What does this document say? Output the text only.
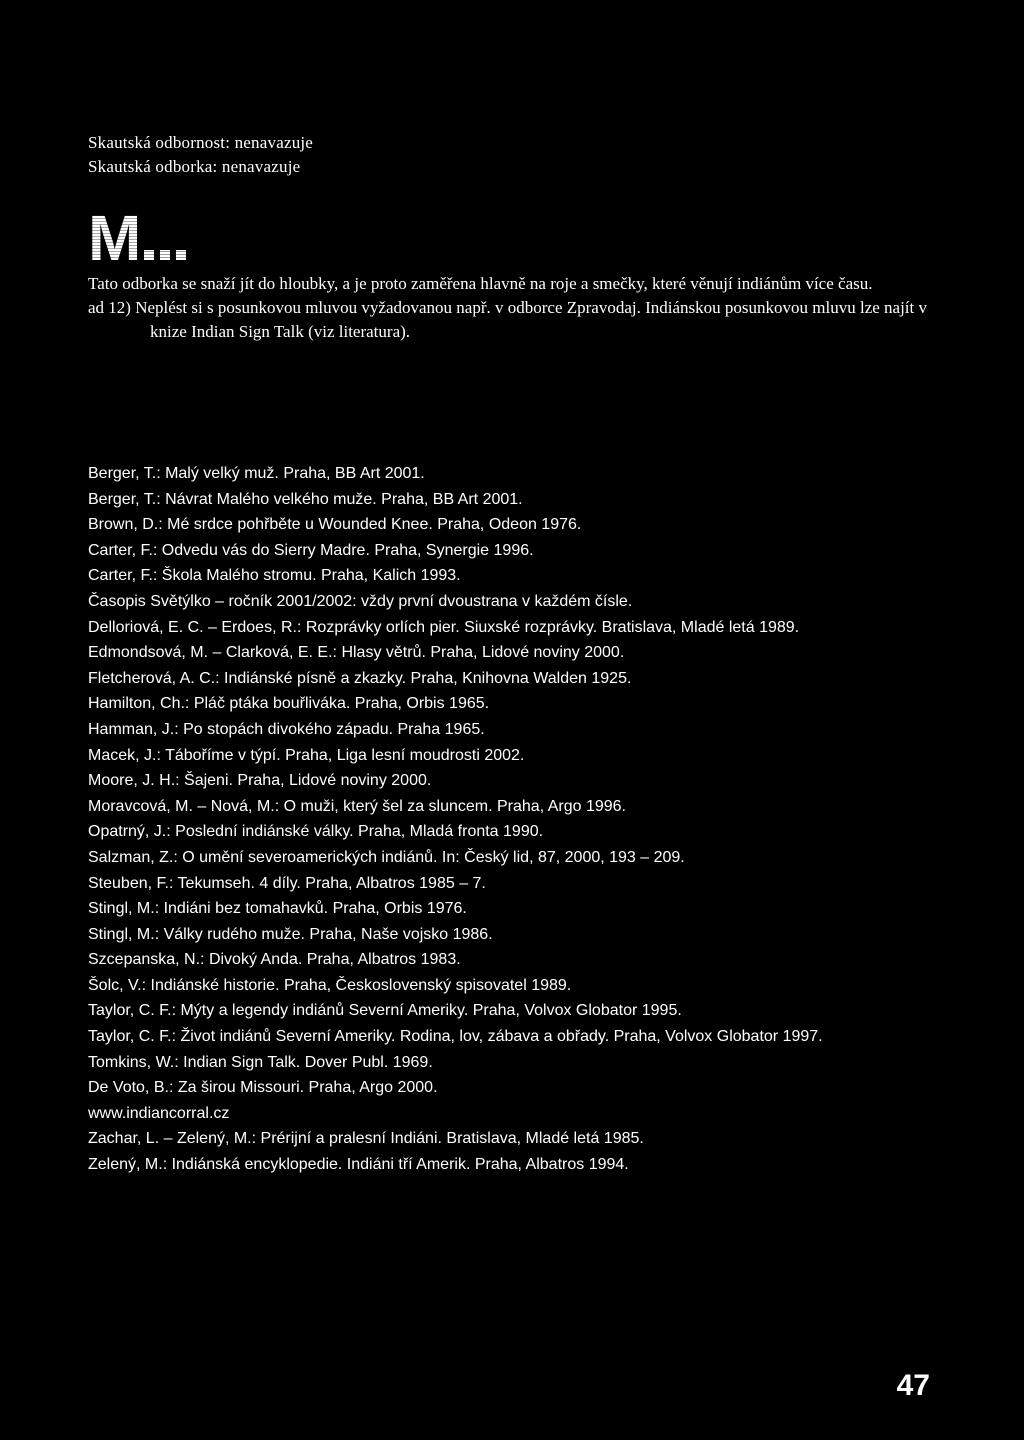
Skautská odbornost: nenavazuje
Skautská odborka: nenavazuje
M

Tato odborka se snaží jít do hloubky, a je proto zaměřena hlavně na roje a smečky, které věnují indiánům více času.

ad 12) Neplést si s posunkovou mluvou vyžadovanou např. v odborce Zpravodaj. Indiánskou posunkovou mluvu lze najít v knize Indian Sign Talk (viz literatura).

Berger, T.: Malý velký muž. Praha, BB Art 2001.

Berger, T.: Návrat Malého velkého muže. Praha, BB Art 2001.

Brown, D.: Mé srdce pohřběte u Wounded Knee. Praha, Odeon 1976.

Carter, F.: Odvedu vás do Sierry Madre. Praha, Synergie 1996.

Carter, F.: Škola Malého stromu. Praha, Kalich 1993.

Časopis Světýlko – ročník 2001/2002: vždy první dvoustrana v každém čísle.

Delloriová, E. C. – Erdoes, R.: Rozprávky orlích pier. Siuxské rozprávky. Bratislava, Mladé letá 1989.

Edmondsová, M. – Clarková, E. E.: Hlasy větrů. Praha, Lidové noviny 2000.

Fletcherová, A. C.: Indiánské písně a zkazky. Praha, Knihovna Walden 1925.

Hamilton, Ch.: Pláč ptáka bouřliváka. Praha, Orbis 1965.

Hamman, J.: Po stopách divokého západu. Praha 1965.

Macek, J.: Táboříme v týpí. Praha, Liga lesní moudrosti 2002.

Moore, J. H.: Šajeni. Praha, Lidové noviny 2000.

Moravcová, M. – Nová, M.: O muži, který šel za sluncem. Praha, Argo 1996.

Opatrný, J.: Poslední indiánské války. Praha, Mladá fronta 1990.

Salzman, Z.: O umění severoamerických indiánů. In: Český lid, 87, 2000, 193 – 209.

Steuben, F.: Tekumseh. 4 díly. Praha, Albatros 1985 – 7.

Stingl, M.: Indiáni bez tomahavků. Praha, Orbis 1976.

Stingl, M.: Války rudého muže. Praha, Naše vojsko 1986.

Szcepanska, N.: Divoký Anda. Praha, Albatros 1983.

Šolc, V.: Indiánské historie. Praha, Československý spisovatel 1989.

Taylor, C. F.: Mýty a legendy indiánů Severní Ameriky. Praha, Volvox Globator 1995.

Taylor, C. F.: Život indiánů Severní Ameriky. Rodina, lov, zábava a obřady. Praha, Volvox Globator 1997.

Tomkins, W.: Indian Sign Talk. Dover Publ. 1969.

De Voto, B.: Za širou Missouri. Praha, Argo 2000.

www.indiancorral.cz

Zachar, L. – Zelený, M.: Prérijní a pralesní Indiáni. Bratislava, Mladé letá 1985.

Zelený, M.: Indiánská encyklopedie. Indiáni tří Amerik. Praha, Albatros 1994.

47
